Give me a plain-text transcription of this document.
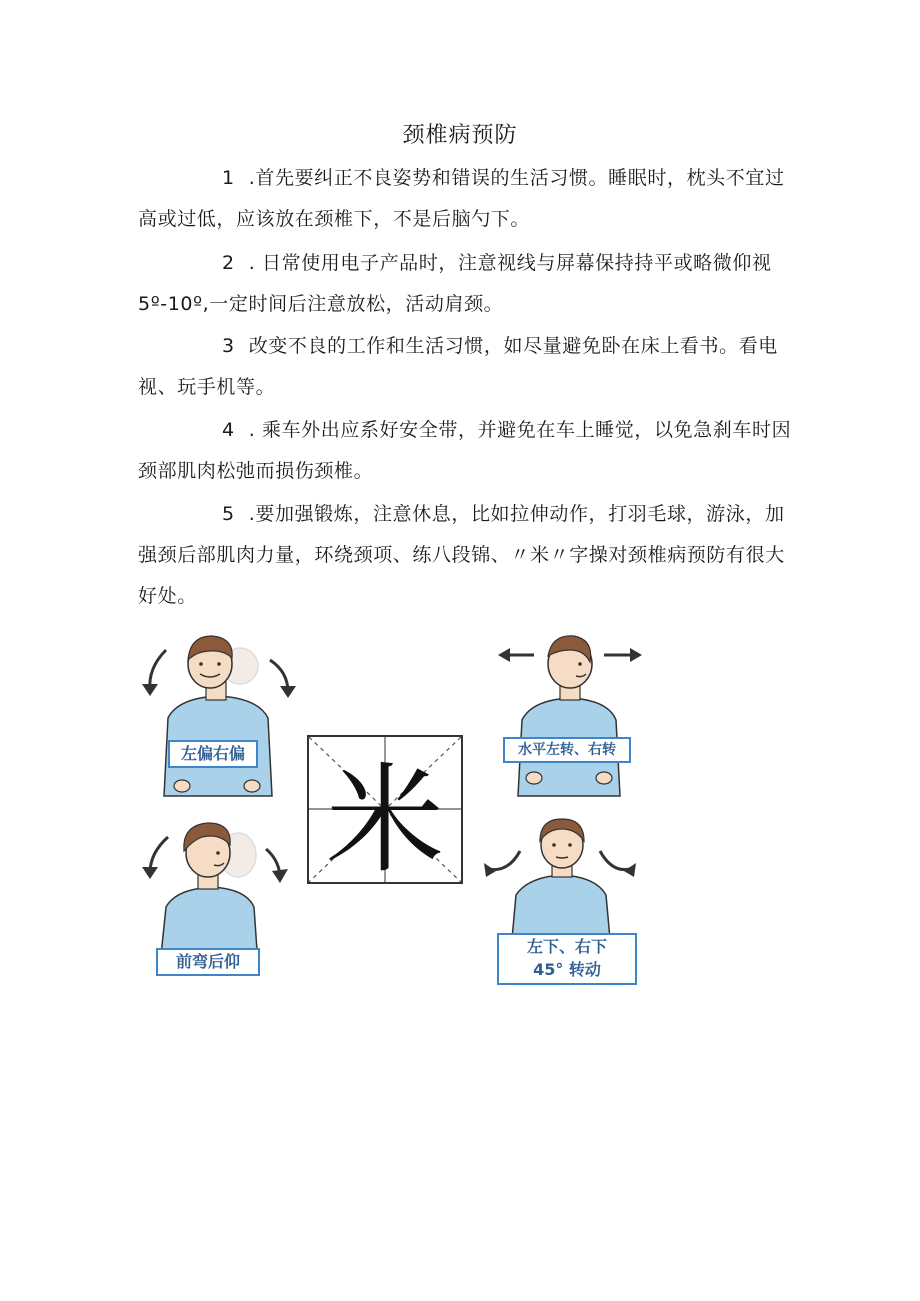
颈椎病预防

1 .首先要纠正不良姿势和错误的生活习惯。睡眠时，枕头不宜过高或过低，应该放在颈椎下，不是后脑勺下。

2 . 日常使用电子产品时，注意视线与屏幕保持持平或略微仰视 5º-10º,一定时间后注意放松，活动肩颈。

3 改变不良的工作和生活习惯，如尽量避免卧在床上看书。看电视、玩手机等。

4 . 乘车外出应系好安全带，并避免在车上睡觉，以免急刹车时因颈部肌肉松弛而损伤颈椎。

5 .要加强锻炼，注意休息，比如拉伸动作，打羽毛球，游泳，加强颈后部肌肉力量，环绕颈项、练八段锦、〃米〃字操对颈椎病预防有很大好处。

左偏右偏	水平左转、右转
米
前弯后仰
左下、右下
45° 转动
